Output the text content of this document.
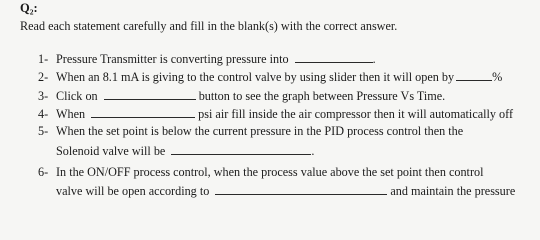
Q₂:
Read each statement carefully and fill in the blank(s) with the correct answer.
1- Pressure Transmitter is converting pressure into	.
2- When an 8.1 mA is giving to the control valve by using slider then it will open by	%
3- Click on	button to see the graph between Pressure Vs Time.
4- When	psi air fill inside the air compressor then it will automatically off
5- When the set point is below the current pressure in the PID process control then the
Solenoid valve will be	.
6- In the ON/OFF process control, when the process value above the set point then control
valve will be open according to	and maintain the pressure
